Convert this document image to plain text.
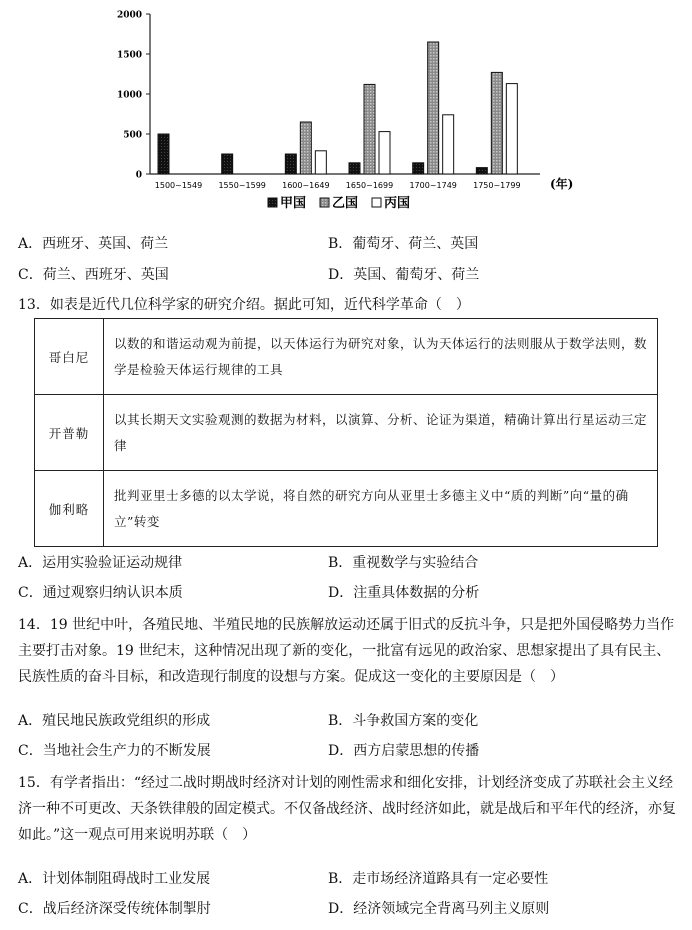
0
500
1000
1500
2000
1500~1549 1550~1599 1600~1649 1650~1699 1700~1749 1750~1799 (年)
甲国 乙国 丙国
A．西班牙、英国、荷兰	B．葡萄牙、荷兰、英国
C．荷兰、西班牙、英国	D．英国、葡萄牙、荷兰
13．如表是近代几位科学家的研究介绍。据此可知，近代科学革命（　）
哥白尼	以数的和谐运动观为前提，以天体运行为研究对象，认为天体运行的法则服从于数学法则，数学是检验天体运行规律的工具
开普勒	以其长期天文实验观测的数据为材料，以演算、分析、论证为渠道，精确计算出行星运动三定律
伽利略	批判亚里士多德的以太学说，将自然的研究方向从亚里士多德主义中“质的判断”向“量的确立”转变
A．运用实验验证运动规律	B．重视数学与实验结合
C．通过观察归纳认识本质	D．注重具体数据的分析
14．19 世纪中叶，各殖民地、半殖民地的民族解放运动还属于旧式的反抗斗争，只是把外国侵略势力当作主要打击对象。19 世纪末，这种情况出现了新的变化，一批富有远见的政治家、思想家提出了具有民主、民族性质的奋斗目标，和改造现行制度的设想与方案。促成这一变化的主要原因是（　）
A．殖民地民族政党组织的形成	B．斗争救国方案的变化
C．当地社会生产力的不断发展	D．西方启蒙思想的传播
15．有学者指出：“经过二战时期战时经济对计划的刚性需求和细化安排，计划经济变成了苏联社会主义经济一种不可更改、天条铁律般的固定模式。不仅备战经济、战时经济如此，就是战后和平年代的经济，亦复如此。”这一观点可用来说明苏联（　）
A．计划体制阻碍战时工业发展	B．走市场经济道路具有一定必要性
C．战后经济深受传统体制掣肘	D．经济领域完全背离马列主义原则
